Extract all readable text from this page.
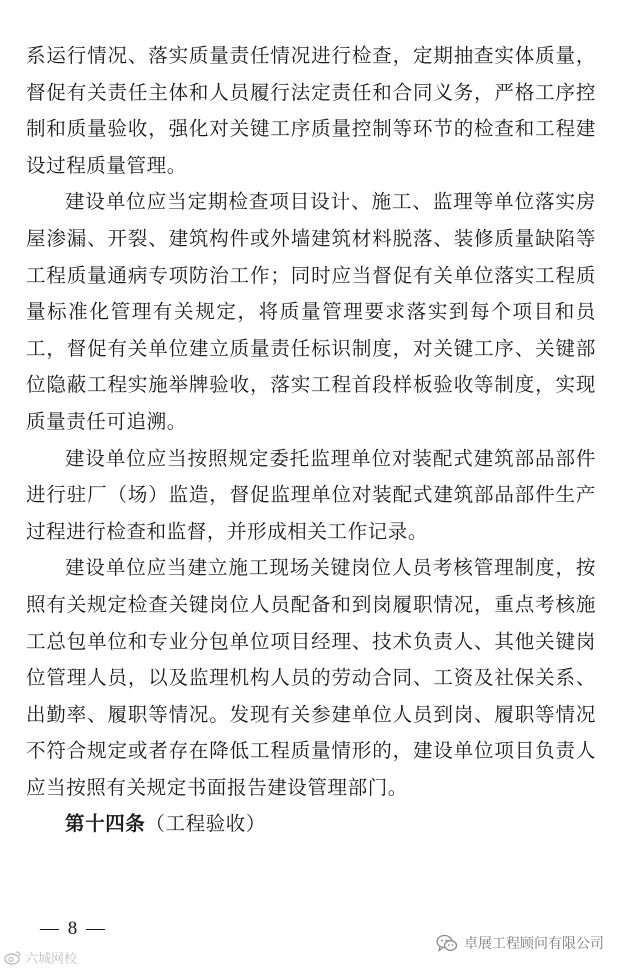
系运行情况、落实质量责任情况进行检查，定期抽查实体质量，督促有关责任主体和人员履行法定责任和合同义务，严格工序控制和质量验收，强化对关键工序质量控制等环节的检查和工程建设过程质量管理。

建设单位应当定期检查项目设计、施工、监理等单位落实房屋渗漏、开裂、建筑构件或外墙建筑材料脱落、装修质量缺陷等工程质量通病专项防治工作；同时应当督促有关单位落实工程质量标准化管理有关规定，将质量管理要求落实到每个项目和员工，督促有关单位建立质量责任标识制度，对关键工序、关键部位隐蔽工程实施举牌验收，落实工程首段样板验收等制度，实现质量责任可追溯。

建设单位应当按照规定委托监理单位对装配式建筑部品部件进行驻厂（场）监造，督促监理单位对装配式建筑部品部件生产过程进行检查和监督，并形成相关工作记录。

建设单位应当建立施工现场关键岗位人员考核管理制度，按照有关规定检查关键岗位人员配备和到岗履职情况，重点考核施工总包单位和专业分包单位项目经理、技术负责人、其他关键岗位管理人员，以及监理机构人员的劳动合同、工资及社保关系、出勤率、履职等情况。发现有关参建单位人员到岗、履职等情况不符合规定或者存在降低工程质量情形的，建设单位项目负责人应当按照有关规定书面报告建设管理部门。

第十四条（工程验收）

— 8 —
六城网校
卓展工程顾问有限公司
